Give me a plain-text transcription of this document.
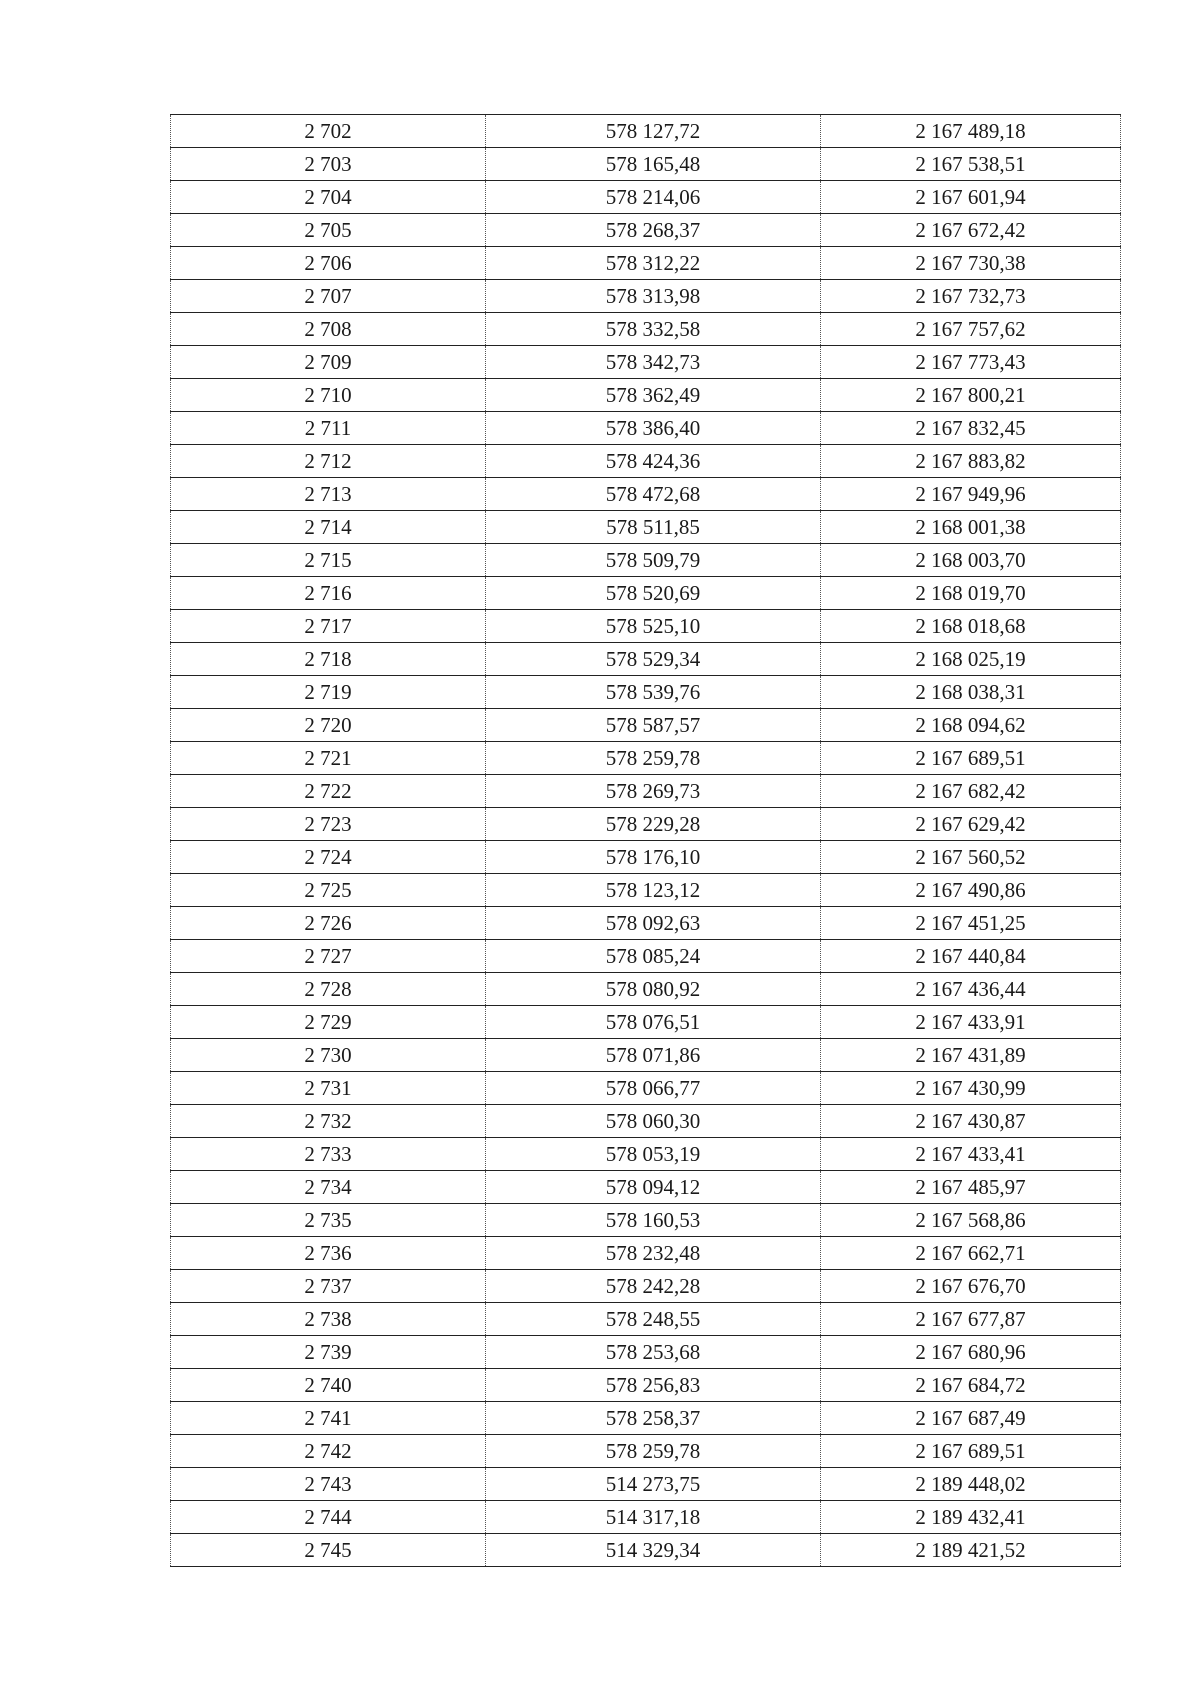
2 702	578 127,72	2 167 489,18
2 703	578 165,48	2 167 538,51
2 704	578 214,06	2 167 601,94
2 705	578 268,37	2 167 672,42
2 706	578 312,22	2 167 730,38
2 707	578 313,98	2 167 732,73
2 708	578 332,58	2 167 757,62
2 709	578 342,73	2 167 773,43
2 710	578 362,49	2 167 800,21
2 711	578 386,40	2 167 832,45
2 712	578 424,36	2 167 883,82
2 713	578 472,68	2 167 949,96
2 714	578 511,85	2 168 001,38
2 715	578 509,79	2 168 003,70
2 716	578 520,69	2 168 019,70
2 717	578 525,10	2 168 018,68
2 718	578 529,34	2 168 025,19
2 719	578 539,76	2 168 038,31
2 720	578 587,57	2 168 094,62
2 721	578 259,78	2 167 689,51
2 722	578 269,73	2 167 682,42
2 723	578 229,28	2 167 629,42
2 724	578 176,10	2 167 560,52
2 725	578 123,12	2 167 490,86
2 726	578 092,63	2 167 451,25
2 727	578 085,24	2 167 440,84
2 728	578 080,92	2 167 436,44
2 729	578 076,51	2 167 433,91
2 730	578 071,86	2 167 431,89
2 731	578 066,77	2 167 430,99
2 732	578 060,30	2 167 430,87
2 733	578 053,19	2 167 433,41
2 734	578 094,12	2 167 485,97
2 735	578 160,53	2 167 568,86
2 736	578 232,48	2 167 662,71
2 737	578 242,28	2 167 676,70
2 738	578 248,55	2 167 677,87
2 739	578 253,68	2 167 680,96
2 740	578 256,83	2 167 684,72
2 741	578 258,37	2 167 687,49
2 742	578 259,78	2 167 689,51
2 743	514 273,75	2 189 448,02
2 744	514 317,18	2 189 432,41
2 745	514 329,34	2 189 421,52
